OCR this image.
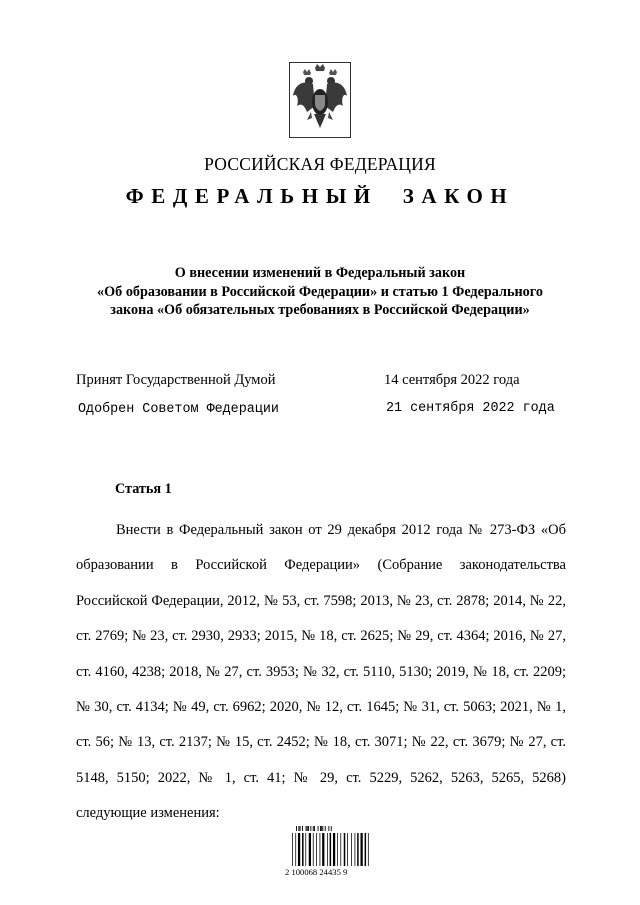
РОССИЙСКАЯ ФЕДЕРАЦИЯ
ФЕДЕРАЛЬНЫЙ ЗАКОН
О внесении изменений в Федеральный закон
«Об образовании в Российской Федерации» и статью 1 Федерального
закона «Об обязательных требованиях в Российской Федерации»
Принят Государственной Думой	14 сентября 2022 года
Одобрен Советом Федерации	21 сентября 2022 года
Статья 1

Внести в Федеральный закон от 29 декабря 2012 года № 273-ФЗ «Об образовании в Российской Федерации» (Собрание законодательства Российской Федерации, 2012, № 53, ст. 7598; 2013, № 23, ст. 2878; 2014, № 22, ст. 2769; № 23, ст. 2930, 2933; 2015, № 18, ст. 2625; № 29, ст. 4364; 2016, № 27, ст. 4160, 4238; 2018, № 27, ст. 3953; № 32, ст. 5110, 5130; 2019, № 18, ст. 2209; № 30, ст. 4134; № 49, ст. 6962; 2020, № 12, ст. 1645; № 31, ст. 5063; 2021, № 1, ст. 56; № 13, ст. 2137; № 15, ст. 2452; № 18, ст. 3071; № 22, ст. 3679; № 27, ст. 5148, 5150; 2022, № 1, ст. 41; № 29, ст. 5229, 5262, 5263, 5265, 5268) следующие изменения:

2 100068 24435 9
